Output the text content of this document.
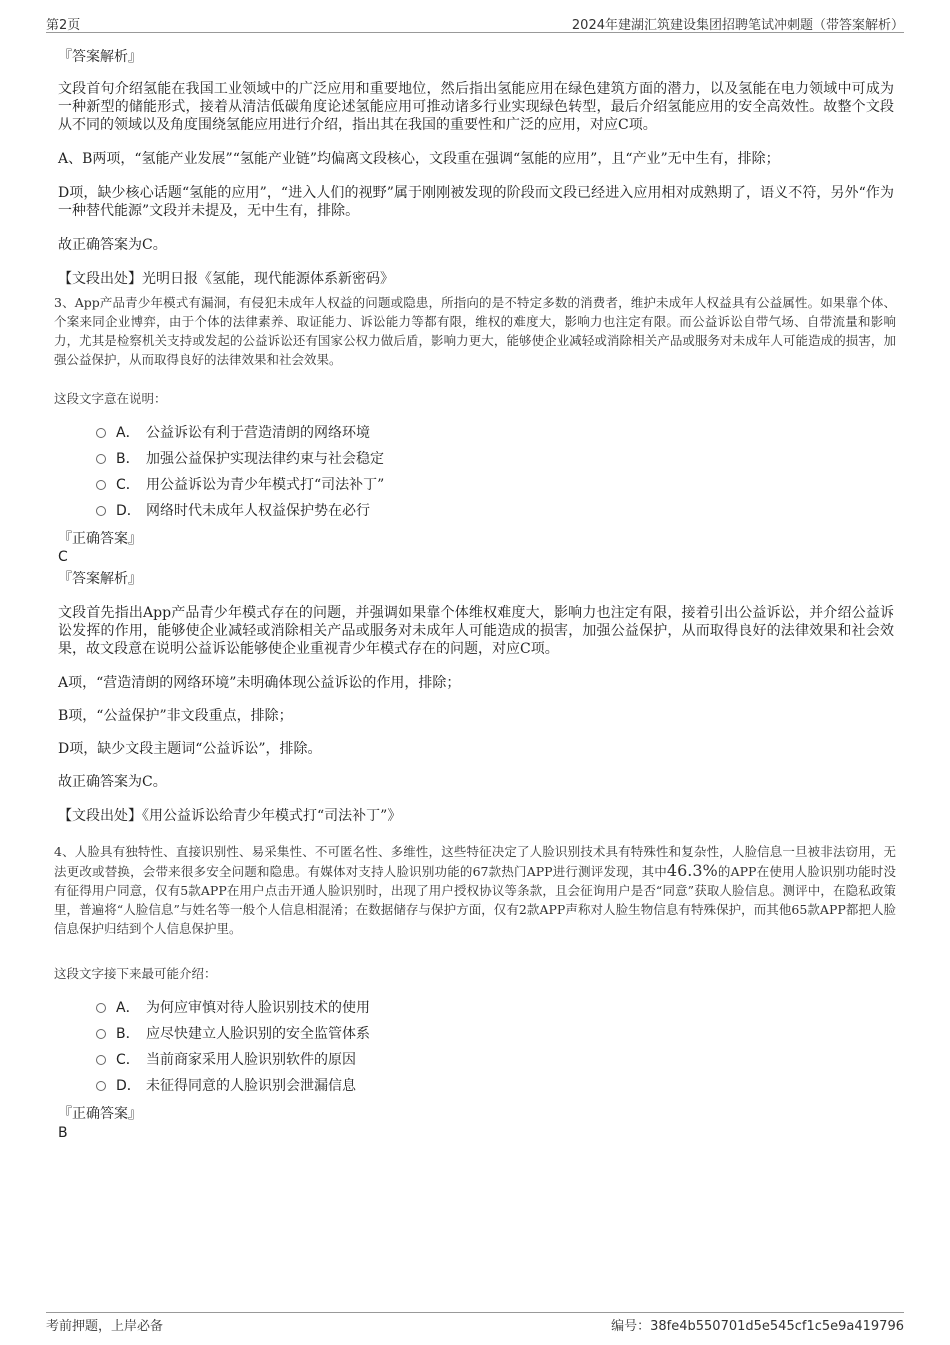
第2页	2024年建湖汇筑建设集团招聘笔试冲刺题（带答案解析）
『答案解析』
文段首句介绍氢能在我国工业领域中的广泛应用和重要地位，然后指出氢能应用在绿色建筑方面的潜力，以及氢能在电力领域中可成为一种新型的储能形式，接着从清洁低碳角度论述氢能应用可推动诸多行业实现绿色转型，最后介绍氢能应用的安全高效性。故整个文段从不同的领域以及角度围绕氢能应用进行介绍，指出其在我国的重要性和广泛的应用，对应C项。
A、B两项，“氢能产业发展”“氢能产业链”均偏离文段核心，文段重在强调“氢能的应用”，且“产业”无中生有，排除；
D项，缺少核心话题“氢能的应用”，“进入人们的视野”属于刚刚被发现的阶段而文段已经进入应用相对成熟期了，语义不符，另外“作为一种替代能源”文段并未提及，无中生有，排除。
故正确答案为C。
【文段出处】光明日报《氢能，现代能源体系新密码》
3、App产品青少年模式有漏洞，有侵犯未成年人权益的问题或隐患，所指向的是不特定多数的消费者，维护未成年人权益具有公益属性。如果靠个体、个案来同企业博弈，由于个体的法律素养、取证能力、诉讼能力等都有限，维权的难度大，影响力也注定有限。而公益诉讼自带气场、自带流量和影响力，尤其是检察机关支持或发起的公益诉讼还有国家公权力做后盾，影响力更大，能够使企业减轻或消除相关产品或服务对未成年人可能造成的损害，加强公益保护，从而取得良好的法律效果和社会效果。
这段文字意在说明：
A． 公益诉讼有利于营造清朗的网络环境
B． 加强公益保护实现法律约束与社会稳定
C． 用公益诉讼为青少年模式打“司法补丁”
D． 网络时代未成年人权益保护势在必行
『正确答案』
C
『答案解析』
文段首先指出App产品青少年模式存在的问题，并强调如果靠个体维权难度大，影响力也注定有限，接着引出公益诉讼，并介绍公益诉讼发挥的作用，能够使企业减轻或消除相关产品或服务对未成年人可能造成的损害，加强公益保护，从而取得良好的法律效果和社会效果，故文段意在说明公益诉讼能够使企业重视青少年模式存在的问题，对应C项。
A项，“营造清朗的网络环境”未明确体现公益诉讼的作用，排除；
B项，“公益保护”非文段重点，排除；
D项，缺少文段主题词“公益诉讼”，排除。
故正确答案为C。
【文段出处】《用公益诉讼给青少年模式打“司法补丁”》
4、人脸具有独特性、直接识别性、易采集性、不可匿名性、多维性，这些特征决定了人脸识别技术具有特殊性和复杂性，人脸信息一旦被非法窃用，无法更改或替换，会带来很多安全问题和隐患。有媒体对支持人脸识别功能的67款热门APP进行测评发现，其中46.3%的APP在使用人脸识别功能时没有征得用户同意，仅有5款APP在用户点击开通人脸识别时，出现了用户授权协议等条款，且会征询用户是否“同意”获取人脸信息。测评中，在隐私政策里，普遍将“人脸信息”与姓名等一般个人信息相混淆；在数据储存与保护方面，仅有2款APP声称对人脸生物信息有特殊保护，而其他65款APP都把人脸信息保护归结到个人信息保护里。
这段文字接下来最可能介绍：
A． 为何应审慎对待人脸识别技术的使用
B． 应尽快建立人脸识别的安全监管体系
C． 当前商家采用人脸识别软件的原因
D． 未征得同意的人脸识别会泄漏信息
『正确答案』
B
考前押题，上岸必备	编号：38fe4b550701d5e545cf1c5e9a419796
